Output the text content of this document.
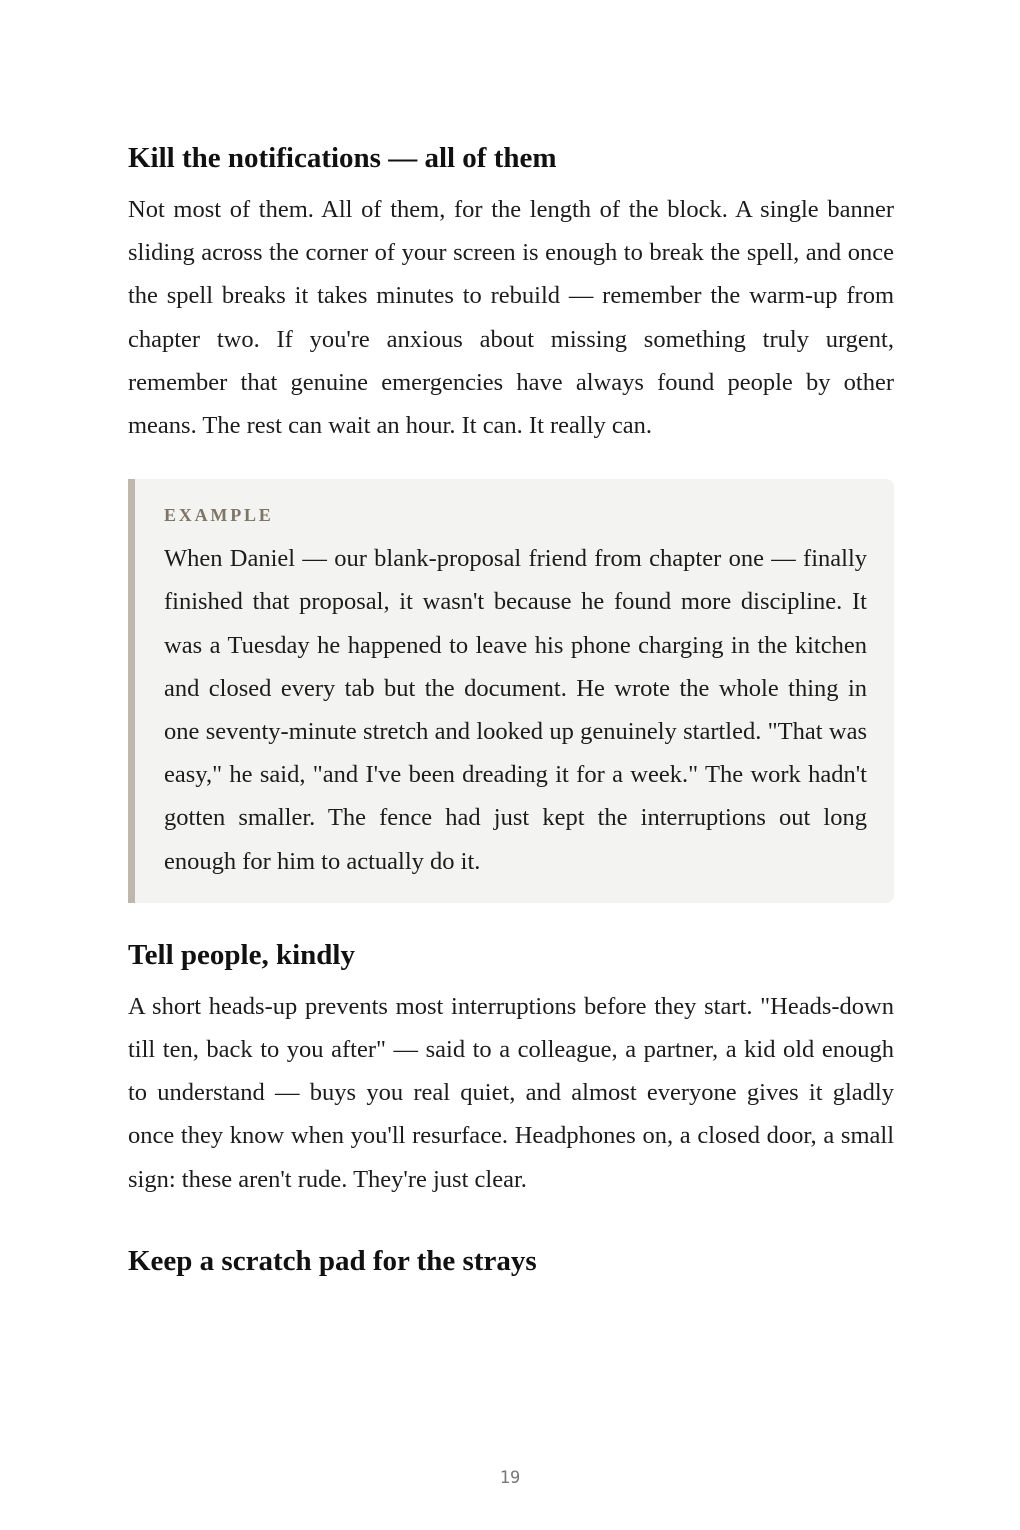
Kill the notifications — all of them

Not most of them. All of them, for the length of the block. A single banner sliding across the corner of your screen is enough to break the spell, and once the spell breaks it takes minutes to rebuild — remember the warm-up from chapter two. If you're anxious about missing something truly urgent, remember that genuine emergencies have always found people by other means. The rest can wait an hour. It can. It really can.

EXAMPLE

When Daniel — our blank-proposal friend from chapter one — finally finished that proposal, it wasn't because he found more discipline. It was a Tuesday he happened to leave his phone charging in the kitchen and closed every tab but the document. He wrote the whole thing in one seventy-minute stretch and looked up genuinely startled. "That was easy," he said, "and I've been dreading it for a week." The work hadn't gotten smaller. The fence had just kept the interruptions out long enough for him to actually do it.

Tell people, kindly

A short heads-up prevents most interruptions before they start. "Heads-down till ten, back to you after" — said to a colleague, a partner, a kid old enough to understand — buys you real quiet, and almost everyone gives it gladly once they know when you'll resurface. Headphones on, a closed door, a small sign: these aren't rude. They're just clear.

Keep a scratch pad for the strays
19
